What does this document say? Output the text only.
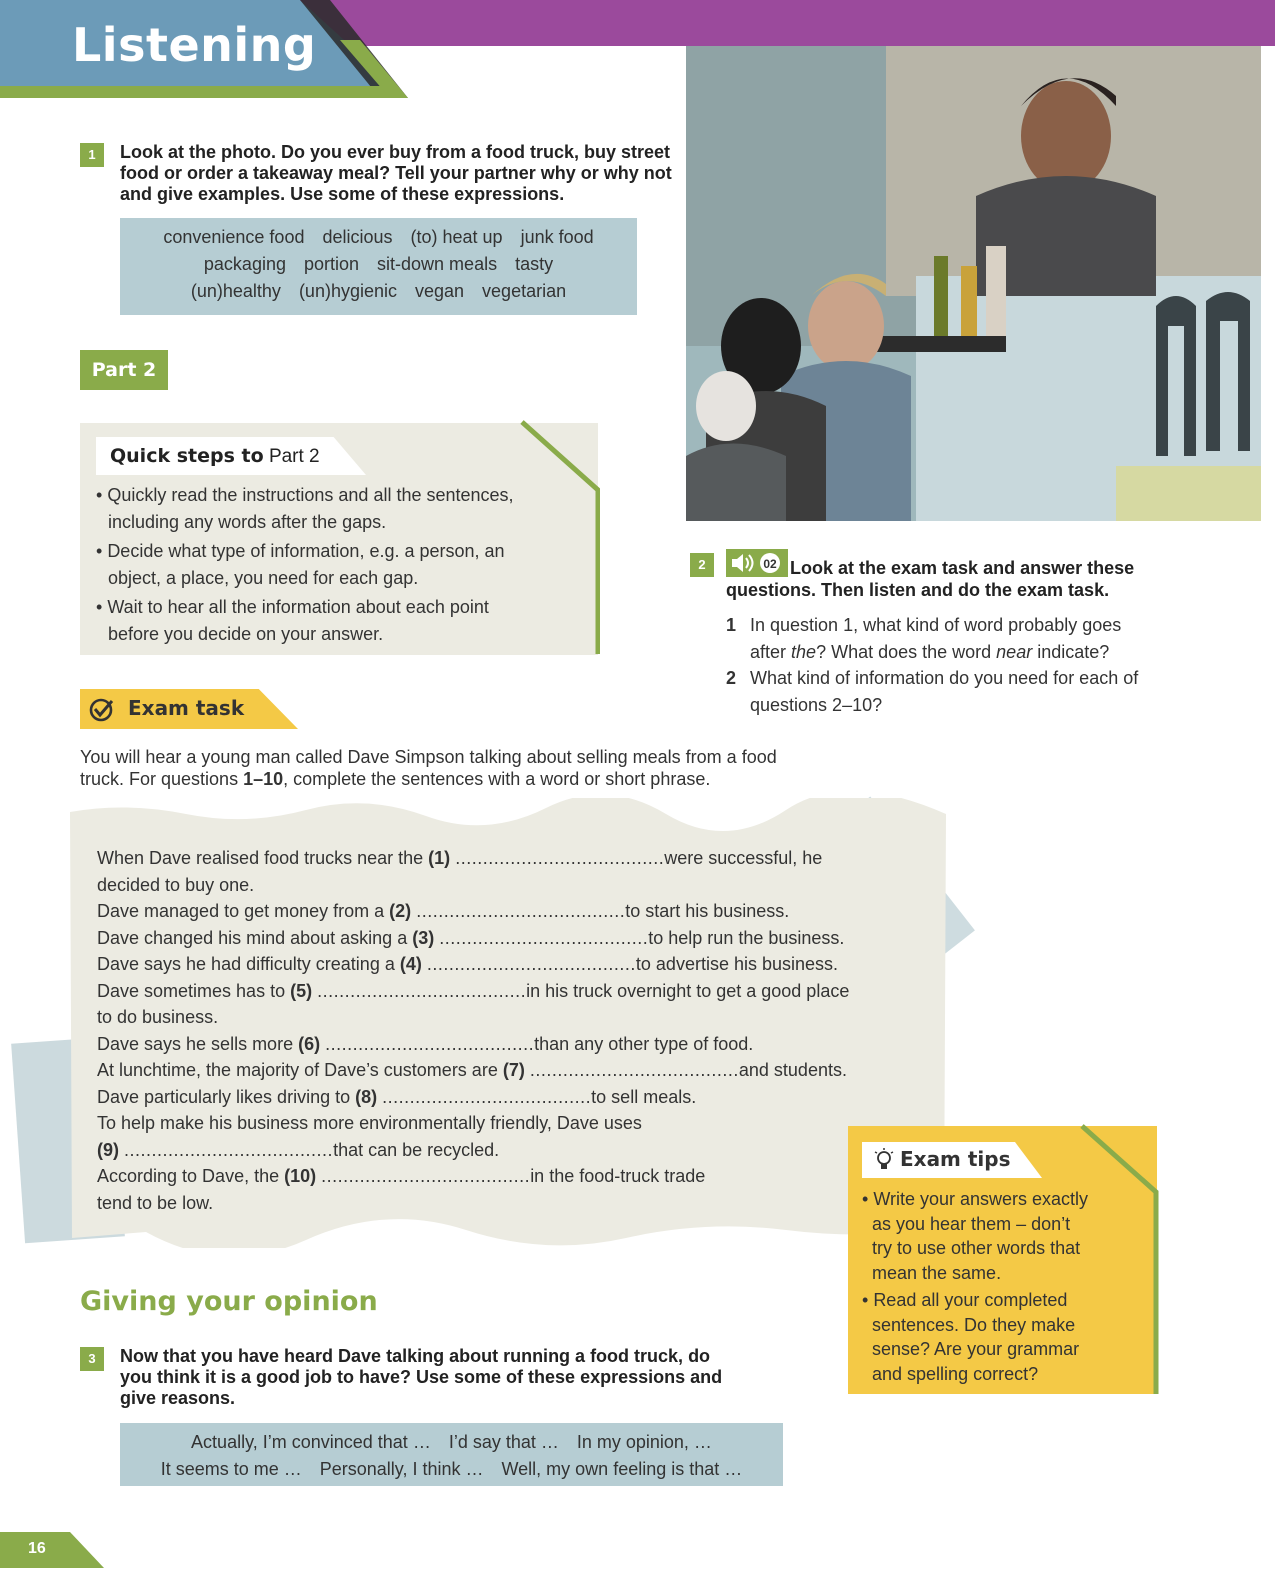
Listening
1	Look at the photo. Do you ever buy from a food truck, buy street
food or order a takeaway meal? Tell your partner why or why not
and give examples. Use some of these expressions.
convenience food delicious (to) heat up junk food
packaging portion sit-down meals tasty
(un)healthy (un)hygienic vegan vegetarian
Part 2
Quick steps to Part 2
• Quickly read the instructions and all the sentences,
including any words after the gaps.
• Decide what type of information, e.g. a person, an
object, a place, you need for each gap.
• Wait to hear all the information about each point
before you decide on your answer.
Exam task
You will hear a young man called Dave Simpson talking about selling meals from a food
truck. For questions 1–10, complete the sentences with a word or short phrase.
When Dave realised food trucks near the (1) ......................................were successful, he
decided to buy one.
Dave managed to get money from a (2) ......................................to start his business.
Dave changed his mind about asking a (3) ......................................to help run the business.
Dave says he had difficulty creating a (4) ......................................to advertise his business.
Dave sometimes has to (5) ......................................in his truck overnight to get a good place
to do business.
Dave says he sells more (6) ......................................than any other type of food.
At lunchtime, the majority of Dave’s customers are (7) ......................................and students.
Dave particularly likes driving to (8) ......................................to sell meals.
To help make his business more environmentally friendly, Dave uses
(9) ......................................that can be recycled.
According to Dave, the (10) ......................................in the food-truck trade
tend to be low.
2	02 Look at the exam task and answer these
questions. Then listen and do the exam task.
1 In question 1, what kind of word probably goes
after the? What does the word near indicate?
2 What kind of information do you need for each of
questions 2–10?
Exam tips
• Write your answers exactly
as you hear them – don’t
try to use other words that
mean the same.
• Read all your completed
sentences. Do they make
sense? Are your grammar
and spelling correct?
Giving your opinion
3	Now that you have heard Dave talking about running a food truck, do
you think it is a good job to have? Use some of these expressions and
give reasons.
Actually, I’m convinced that … I’d say that … In my opinion, …
It seems to me … Personally, I think … Well, my own feeling is that …
16
